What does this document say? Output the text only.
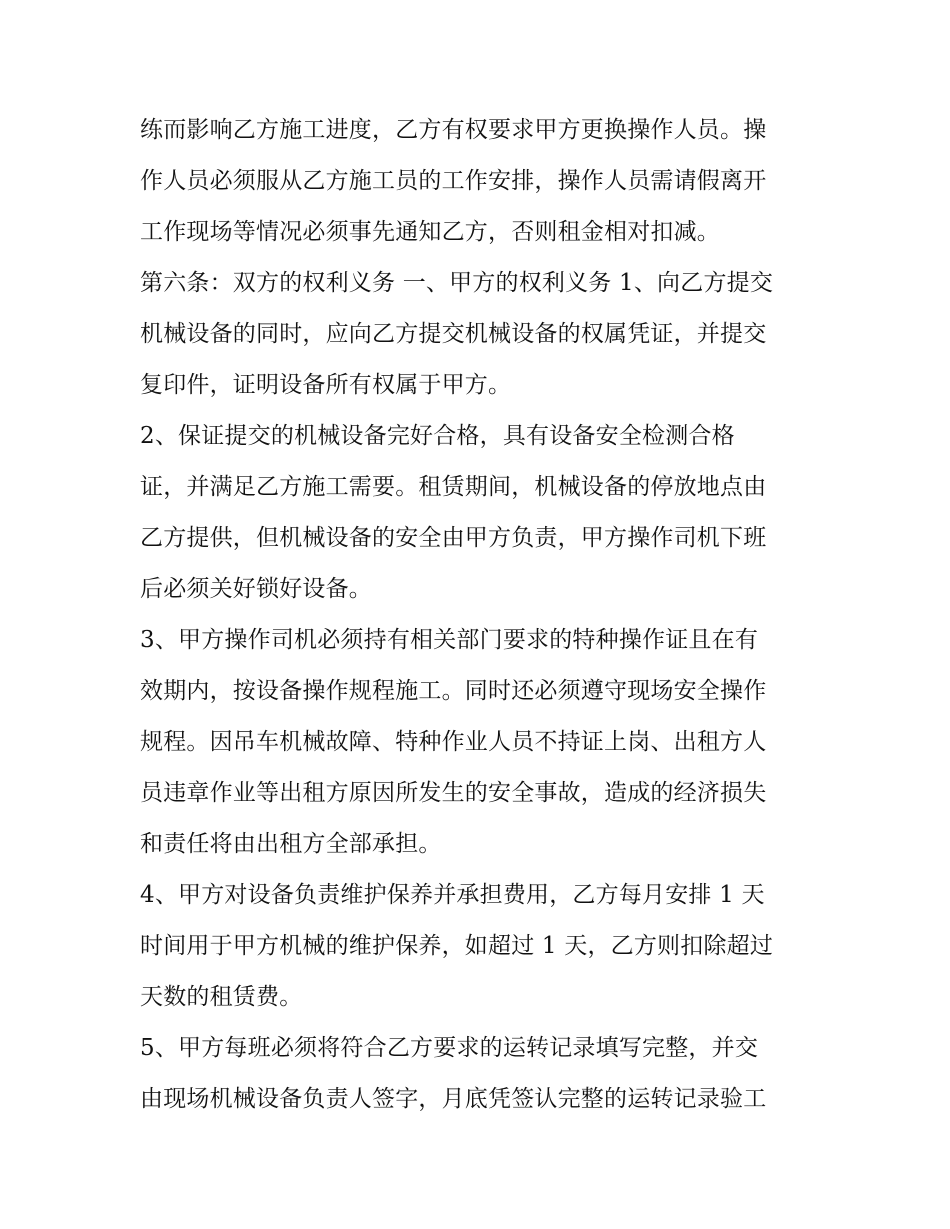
练而影响乙方施工进度，乙方有权要求甲方更换操作人员。操
作人员必须服从乙方施工员的工作安排，操作人员需请假离开
工作现场等情况必须事先通知乙方，否则租金相对扣减。
第六条：双方的权利义务 一、甲方的权利义务 1、向乙方提交
机械设备的同时，应向乙方提交机械设备的权属凭证，并提交
复印件，证明设备所有权属于甲方。
2、保证提交的机械设备完好合格，具有设备安全检测合格
证，并满足乙方施工需要。租赁期间，机械设备的停放地点由
乙方提供，但机械设备的安全由甲方负责，甲方操作司机下班
后必须关好锁好设备。
3、甲方操作司机必须持有相关部门要求的特种操作证且在有
效期内，按设备操作规程施工。同时还必须遵守现场安全操作
规程。因吊车机械故障、特种作业人员不持证上岗、出租方人
员违章作业等出租方原因所发生的安全事故，造成的经济损失
和责任将由出租方全部承担。
4、甲方对设备负责维护保养并承担费用，乙方每月安排 1 天
时间用于甲方机械的维护保养，如超过 1 天，乙方则扣除超过
天数的租赁费。
5、甲方每班必须将符合乙方要求的运转记录填写完整，并交
由现场机械设备负责人签字，月底凭签认完整的运转记录验工
